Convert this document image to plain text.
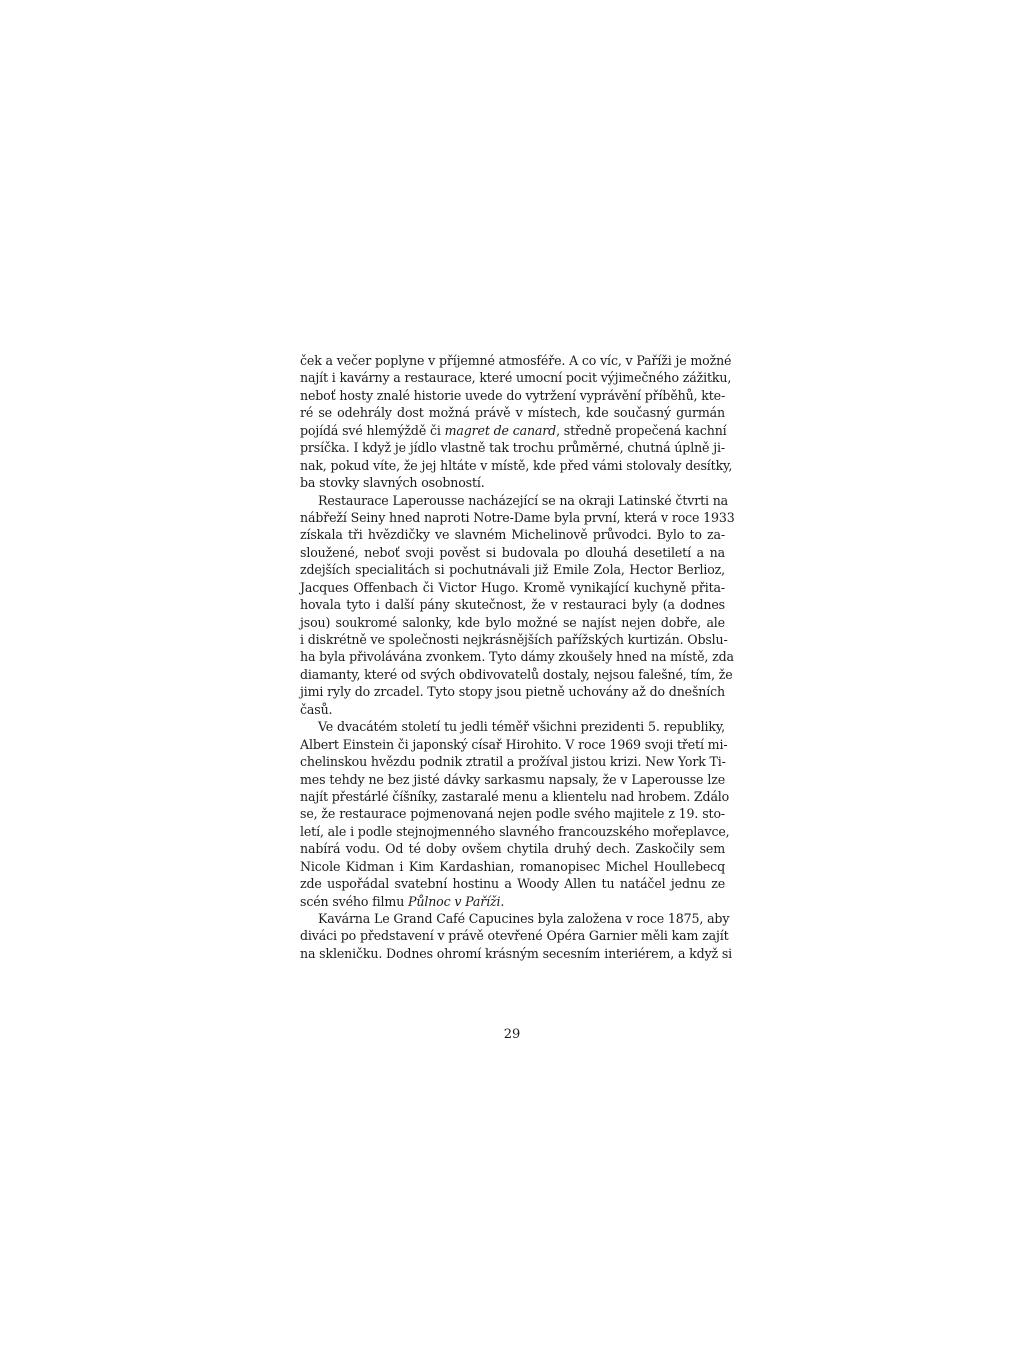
ček a večer poplyne v příjemné atmosféře. A co víc, v Paříži je možné
najít i kavárny a restaurace, které umocní pocit výjimečného zážitku,
neboť hosty znalé historie uvede do vytržení vyprávění příběhů, kte-
ré se odehrály dost možná právě v místech, kde současný gurmán
pojídá své hlemýždě či magret de canard, středně propečená kachní
prsíčka. I když je jídlo vlastně tak trochu průměrné, chutná úplně ji-
nak, pokud víte, že jej hltáte v místě, kde před vámi stolovaly desítky,
ba stovky slavných osobností.
Restaurace Laperousse nacházející se na okraji Latinské čtvrti na
nábřeží Seiny hned naproti Notre-Dame byla první, která v roce 1933
získala tři hvězdičky ve slavném Michelinově průvodci. Bylo to za-
sloužené, neboť svoji pověst si budovala po dlouhá desetiletí a na
zdejších specialitách si pochutnávali již Emile Zola, Hector Berlioz,
Jacques Offenbach či Victor Hugo. Kromě vynikající kuchyně přita-
hovala tyto i další pány skutečnost, že v restauraci byly (a dodnes
jsou) soukromé salonky, kde bylo možné se najíst nejen dobře, ale
i diskrétně ve společnosti nejkrásnějších pařížských kurtizán. Obslu-
ha byla přivolávána zvonkem. Tyto dámy zkoušely hned na místě, zda
diamanty, které od svých obdivovatelů dostaly, nejsou falešné, tím, že
jimi ryly do zrcadel. Tyto stopy jsou pietně uchovány až do dnešních
časů.
Ve dvacátém století tu jedli téměř všichni prezidenti 5. republiky,
Albert Einstein či japonský císař Hirohito. V roce 1969 svoji třetí mi-
chelinskou hvězdu podnik ztratil a prožíval jistou krizi. New York Ti-
mes tehdy ne bez jisté dávky sarkasmu napsaly, že v Laperousse lze
najít přestárlé číšníky, zastaralé menu a klientelu nad hrobem. Zdálo
se, že restaurace pojmenovaná nejen podle svého majitele z 19. sto-
letí, ale i podle stejnojmenného slavného francouzského mořeplavce,
nabírá vodu. Od té doby ovšem chytila druhý dech. Zaskočily sem
Nicole Kidman i Kim Kardashian, romanopisec Michel Houllebecq
zde uspořádal svatební hostinu a Woody Allen tu natáčel jednu ze
scén svého filmu Půlnoc v Paříži.
Kavárna Le Grand Café Capucines byla založena v roce 1875, aby
diváci po představení v právě otevřené Opéra Garnier měli kam zajít
na skleničku. Dodnes ohromí krásným secesním interiérem, a když si
29
